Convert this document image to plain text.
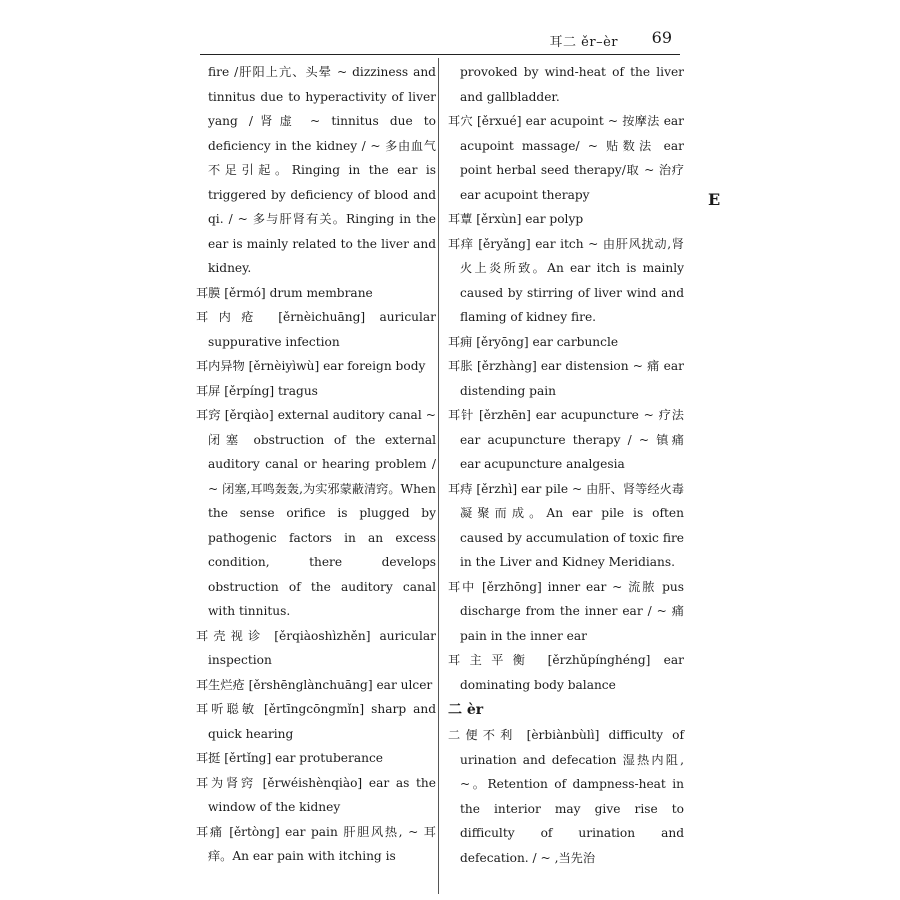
耳二 ěr–èr 69
E

fire /肝阳上亢、头晕 ~ dizziness and tinnitus due to hyperactivity of liver yang /肾虚 ~ tinnitus due to deficiency in the kidney / ~ 多由血气不足引起。Ringing in the ear is triggered by deficiency of blood and qi. / ~ 多与肝肾有关。Ringing in the ear is mainly related to the liver and kidney.

耳膜 [ěrmó] drum membrane

耳内疮 [ěrnèichuāng] auricular suppurative infection

耳内异物 [ěrnèiyìwù] ear foreign body

耳屏 [ěrpíng] tragus

耳窍 [ěrqiào] external auditory canal ~ 闭塞 obstruction of the external auditory canal or hearing problem / ~ 闭塞,耳鸣轰轰,为实邪蒙蔽清窍。When the sense orifice is plugged by pathogenic factors in an excess condition, there develops obstruction of the auditory canal with tinnitus.

耳壳视诊 [ěrqiàoshìzhěn] auricular inspection

耳生烂疮 [ěrshēnglànchuāng] ear ulcer

耳听聪敏 [ěrtīngcōngmǐn] sharp and quick hearing

耳挺 [ěrtǐng] ear protuberance

耳为肾窍 [ěrwéishènqiào] ear as the window of the kidney

耳痛 [ěrtòng] ear pain 肝胆风热, ~ 耳痒。An ear pain with itching is

provoked by wind-heat of the liver and gallbladder.

耳穴 [ěrxué] ear acupoint ~ 按摩法 ear acupoint massage/ ~ 贴数法 ear point herbal seed therapy/取 ~ 治疗 ear acupoint therapy

耳蕈 [ěrxùn] ear polyp

耳痒 [ěryǎng] ear itch ~ 由肝风扰动,肾火上炎所致。An ear itch is mainly caused by stirring of liver wind and flaming of kidney fire.

耳痈 [ěryōng] ear carbuncle

耳胀 [ěrzhàng] ear distension ~ 痛 ear distending pain

耳针 [ěrzhēn] ear acupuncture ~ 疗法 ear acupuncture therapy / ~ 镇痛 ear acupuncture analgesia

耳痔 [ěrzhì] ear pile ~ 由肝、肾等经火毒凝聚而成。An ear pile is often caused by accumulation of toxic fire in the Liver and Kidney Meridians.

耳中 [ěrzhōng] inner ear ~ 流脓 pus discharge from the inner ear / ~ 痛 pain in the inner ear

耳主平衡 [ěrzhǔpínghéng] ear dominating body balance

二 èr

二便不利 [èrbiànbùlì] difficulty of urination and defecation 湿热内阻, ~。Retention of dampness-heat in the interior may give rise to difficulty of urination and defecation. / ~ ,当先治
